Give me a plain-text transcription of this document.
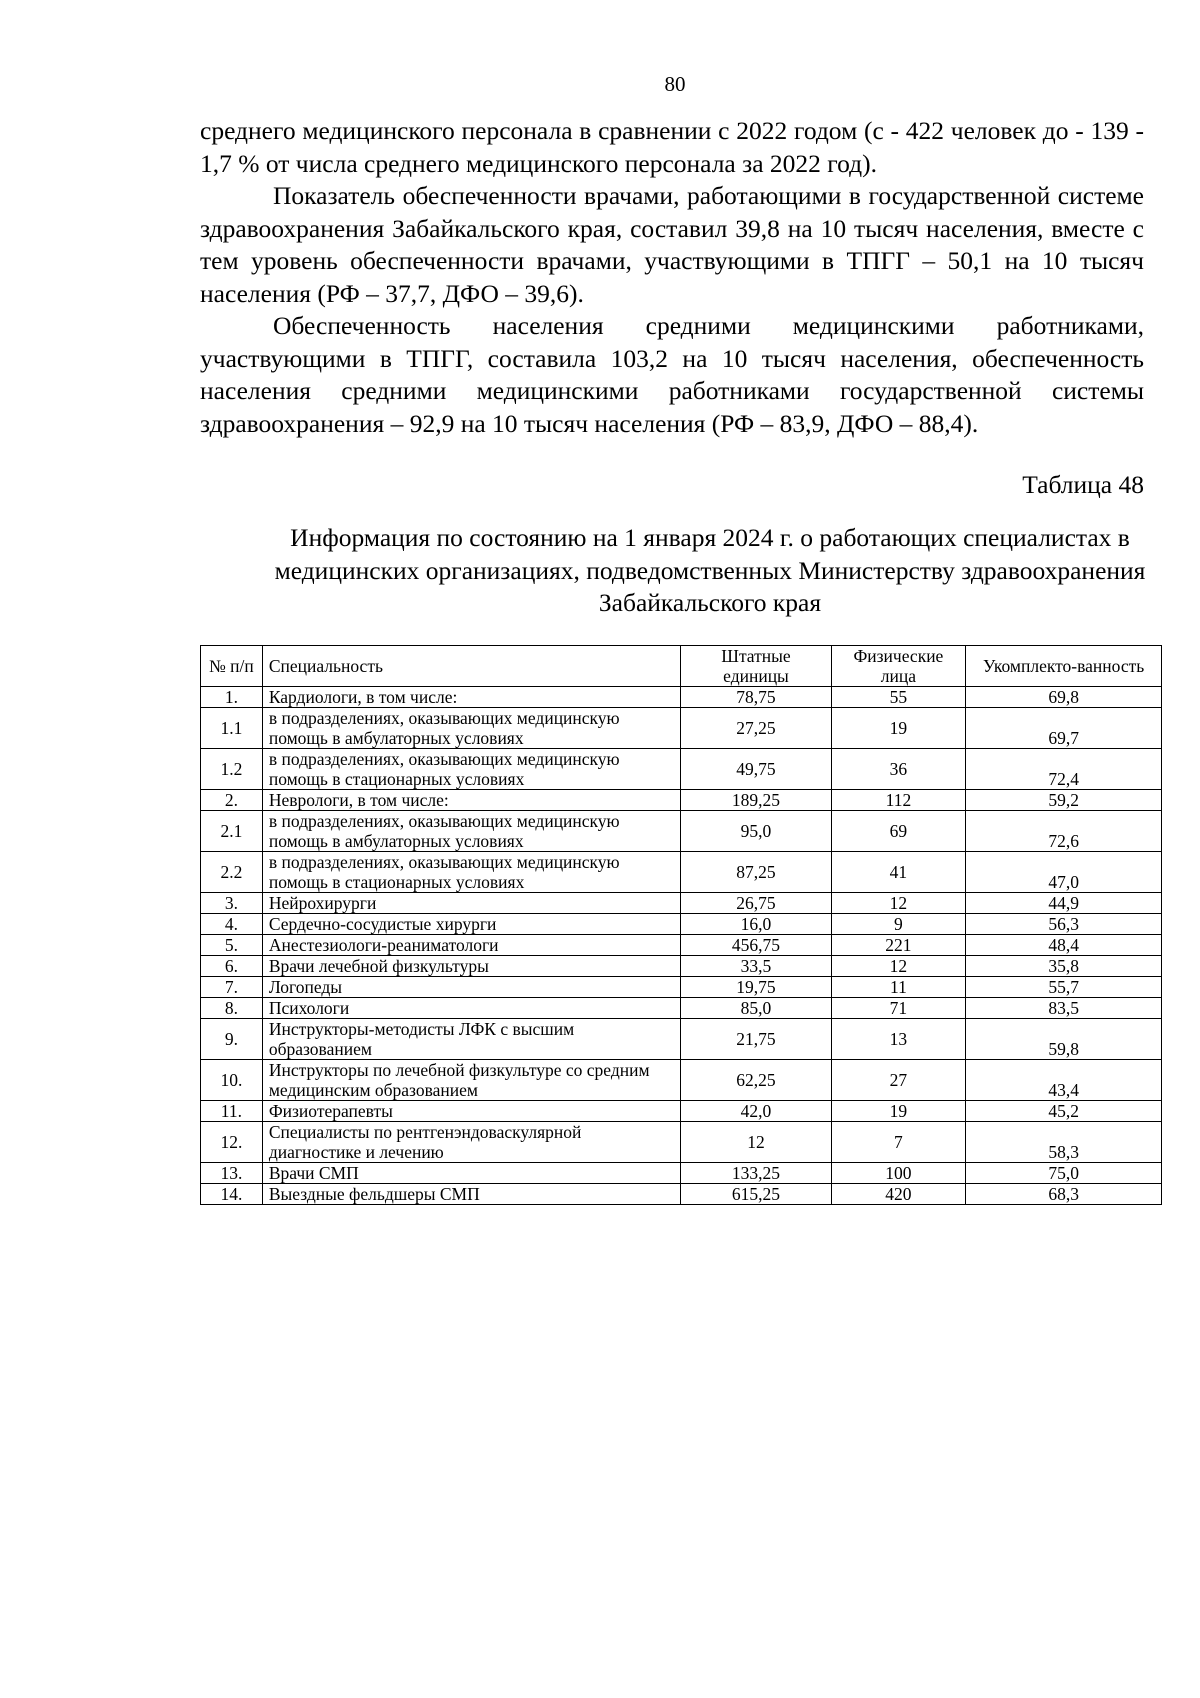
80

среднего медицинского персонала в сравнении с 2022 годом (с - 422 человек до - 139 - 1,7 % от числа среднего медицинского персонала за 2022 год).

Показатель обеспеченности врачами, работающими в государственной системе здравоохранения Забайкальского края, составил 39,8 на 10 тысяч населения, вместе с тем уровень обеспеченности врачами, участвующими в ТПГГ – 50,1 на 10 тысяч населения (РФ – 37,7, ДФО – 39,6).

Обеспеченность населения средними медицинскими работниками, участвующими в ТПГГ, составила 103,2 на 10 тысяч населения, обеспеченность населения средними медицинскими работниками государственной системы здравоохранения – 92,9 на 10 тысяч населения (РФ – 83,9, ДФО – 88,4).

Таблица 48
Информация по состоянию на 1 января 2024 г. о работающих специалистах в медицинских организациях, подведомственных Министерству здравоохранения Забайкальского края
№ п/п	Специальность	Штатные единицы	Физические лица	Укомплекто-ванность
1.	Кардиологи, в том числе:	78,75	55	69,8
1.1	в подразделениях, оказывающих медицинскую помощь в амбулаторных условиях	27,25	19	69,7
1.2	в подразделениях, оказывающих медицинскую помощь в стационарных условиях	49,75	36	72,4
2.	Неврологи, в том числе:	189,25	112	59,2
2.1	в подразделениях, оказывающих медицинскую помощь в амбулаторных условиях	95,0	69	72,6
2.2	в подразделениях, оказывающих медицинскую помощь в стационарных условиях	87,25	41	47,0
3.	Нейрохирурги	26,75	12	44,9
4.	Сердечно-сосудистые хирурги	16,0	9	56,3
5.	Анестезиологи-реаниматологи	456,75	221	48,4
6.	Врачи лечебной физкультуры	33,5	12	35,8
7.	Логопеды	19,75	11	55,7
8.	Психологи	85,0	71	83,5
9.	Инструкторы-методисты ЛФК с высшим образованием	21,75	13	59,8
10.	Инструкторы по лечебной физкультуре со средним медицинским образованием	62,25	27	43,4
11.	Физиотерапевты	42,0	19	45,2
12.	Специалисты по рентгенэндоваскулярной диагностике и лечению	12	7	58,3
13.	Врачи СМП	133,25	100	75,0
14.	Выездные фельдшеры СМП	615,25	420	68,3
